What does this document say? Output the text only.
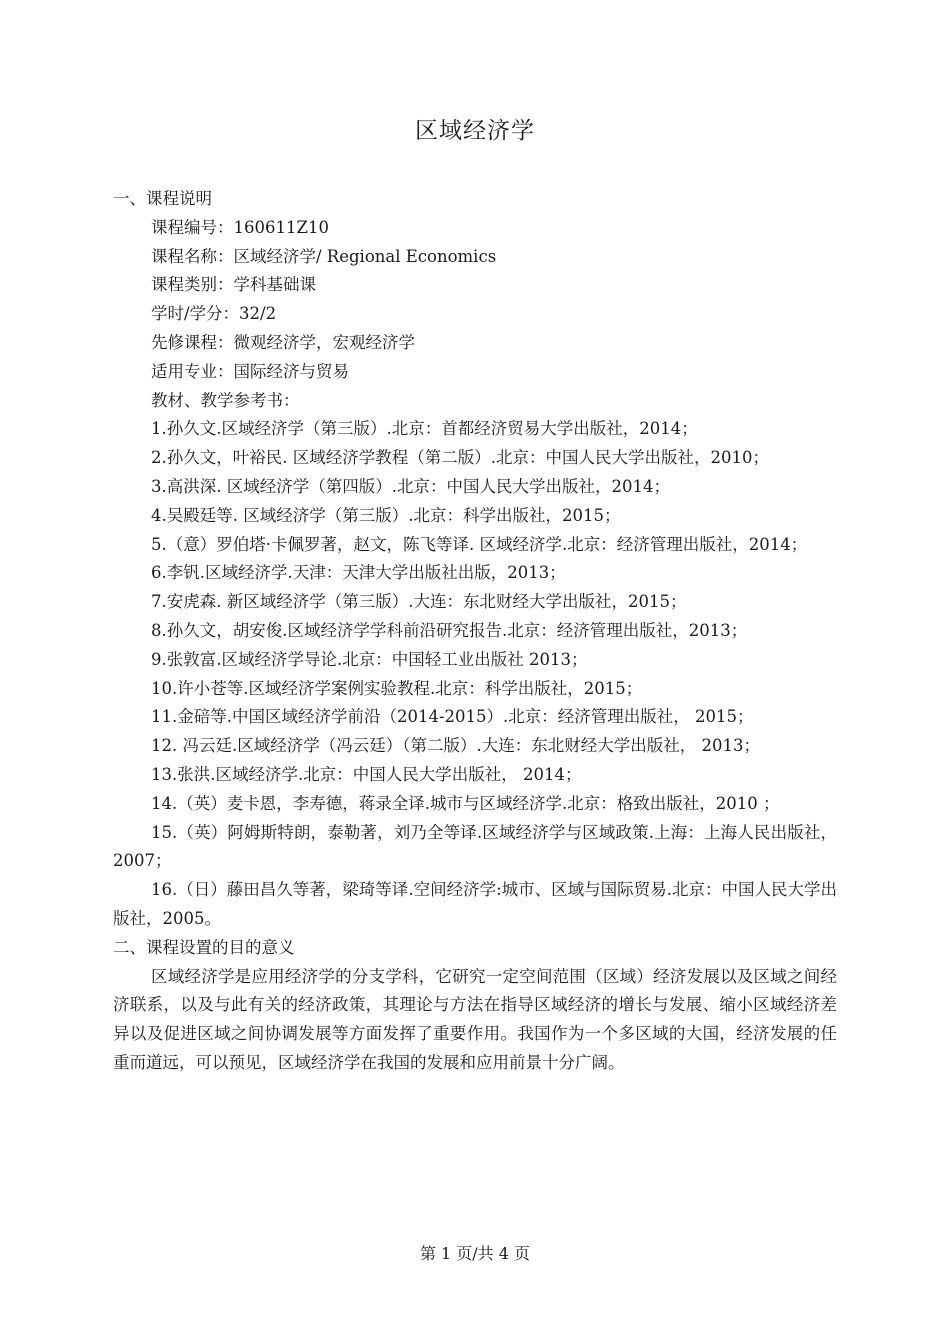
区域经济学
一、课程说明
课程编号：160611Z10
课程名称：区域经济学/ Regional Economics
课程类别：学科基础课
学时/学分：32/2
先修课程：微观经济学，宏观经济学
适用专业：国际经济与贸易
教材、教学参考书：
1.孙久文.区域经济学（第三版）.北京：首都经济贸易大学出版社，2014；
2.孙久文，叶裕民. 区域经济学教程（第二版）.北京：中国人民大学出版社，2010；
3.高洪深. 区域经济学（第四版）.北京：中国人民大学出版社，2014；
4.吴殿廷等. 区域经济学（第三版）.北京：科学出版社，2015；
5.（意）罗伯塔·卡佩罗著，赵文，陈飞等译. 区域经济学.北京：经济管理出版社，2014；
6.李钒.区域经济学.天津：天津大学出版社出版，2013；
7.安虎森. 新区域经济学（第三版）.大连：东北财经大学出版社，2015；
8.孙久文，胡安俊.区域经济学学科前沿研究报告.北京：经济管理出版社，2013；
9.张敦富.区域经济学导论.北京：中国轻工业出版社 2013；
10.许小苍等.区域经济学案例实验教程.北京：科学出版社，2015；
11.金碚等.中国区域经济学前沿（2014-2015）.北京：经济管理出版社， 2015；
12. 冯云廷.区域经济学（冯云廷）（第二版）.大连：东北财经大学出版社， 2013；
13.张洪.区域经济学.北京：中国人民大学出版社， 2014；
14.（英）麦卡恩，李寿德，蒋录全译.城市与区域经济学.北京：格致出版社，2010 ；
15.（英）阿姆斯特朗，泰勒著，刘乃全等译.区域经济学与区域政策.上海：上海人民出版社，2007；
16.（日）藤田昌久等著，梁琦等译.空间经济学:城市、区域与国际贸易.北京：中国人民大学出版社，2005。
二、课程设置的目的意义
区域经济学是应用经济学的分支学科，它研究一定空间范围（区域）经济发展以及区域之间经济联系，以及与此有关的经济政策，其理论与方法在指导区域经济的增长与发展、缩小区域经济差异以及促进区域之间协调发展等方面发挥了重要作用。我国作为一个多区域的大国，经济发展的任重而道远，可以预见，区域经济学在我国的发展和应用前景十分广阔。
第 1 页/共 4 页
